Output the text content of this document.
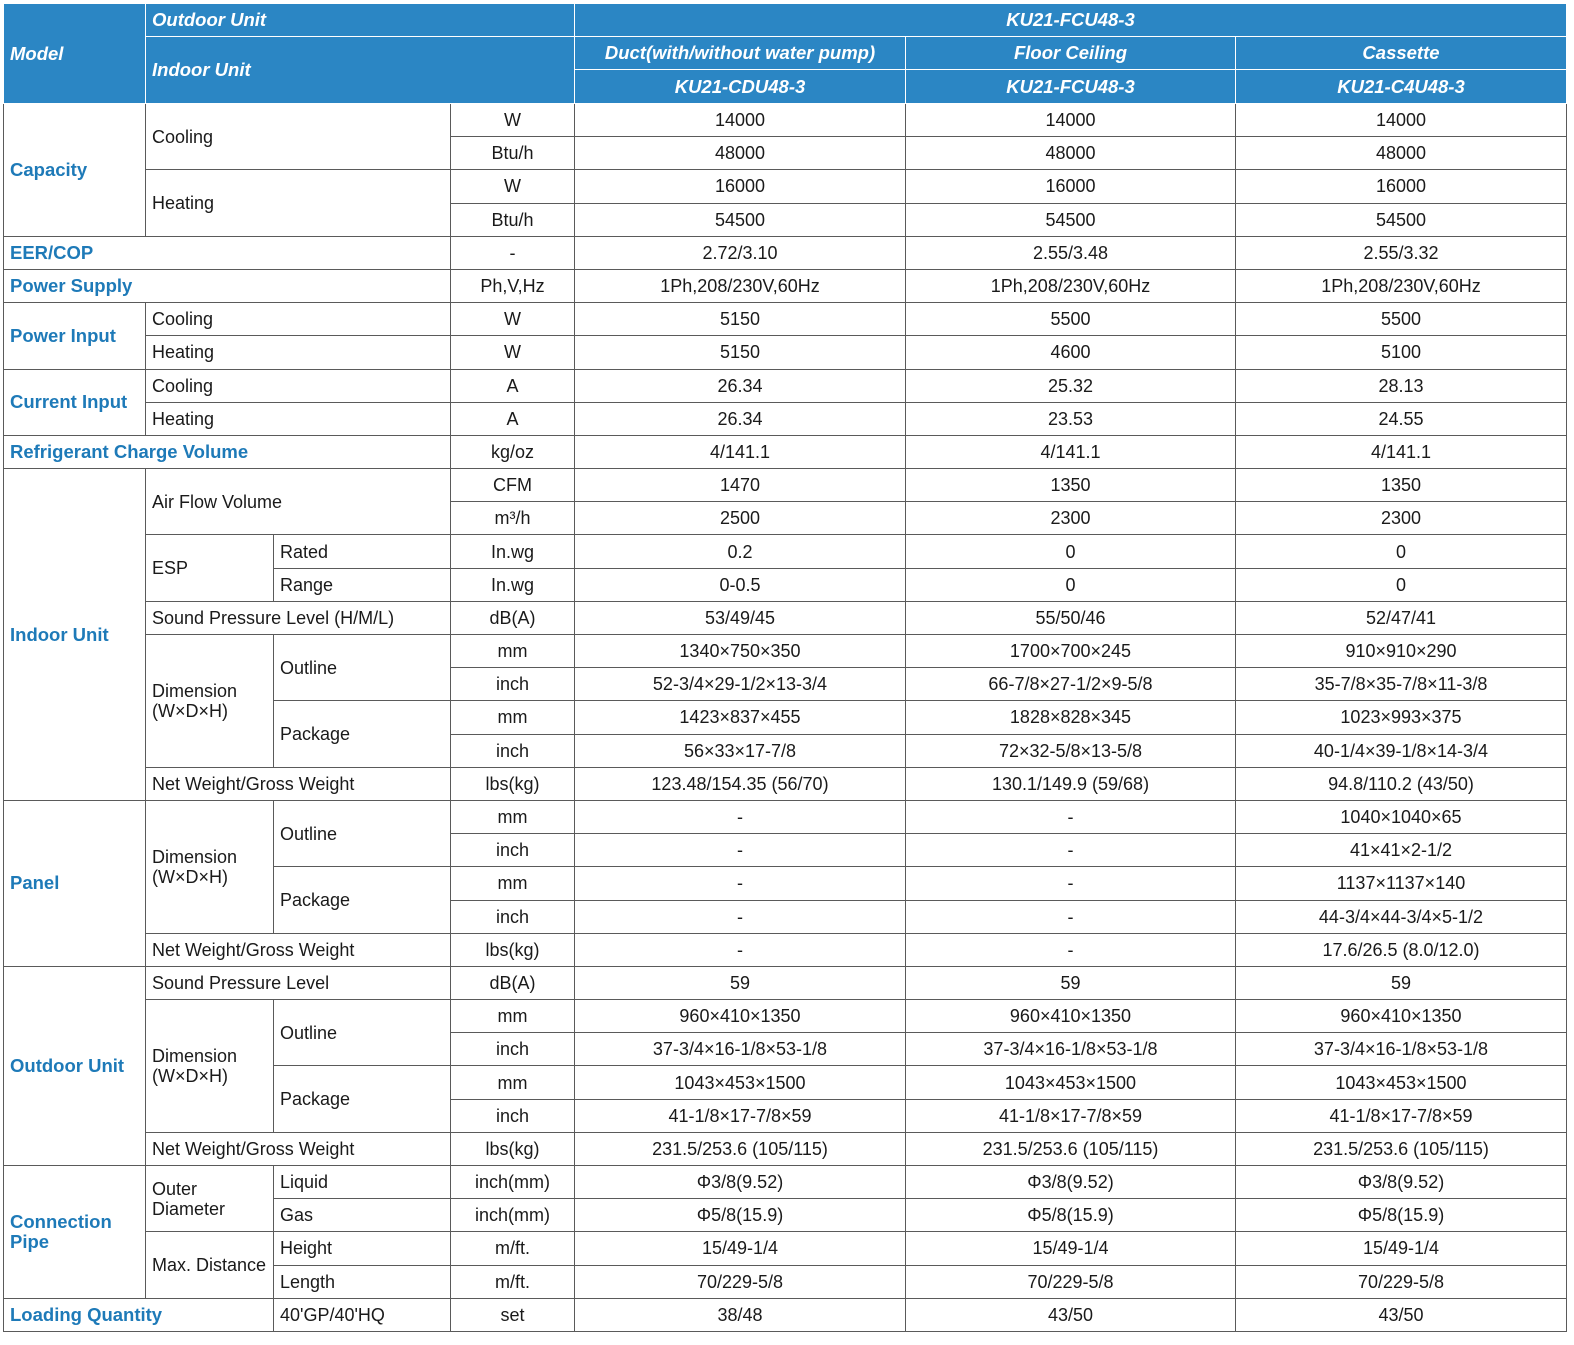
Model	Outdoor Unit			KU21-FCU48-3		
	Indoor Unit			Duct(with/without water pump)	Floor Ceiling	Cassette
				KU21-CDU48-3	KU21-FCU48-3	KU21-C4U48-3
Capacity	Cooling		W	14000	14000	14000
			Btu/h	48000	48000	48000
	Heating		W	16000	16000	16000
			Btu/h	54500	54500	54500
EER/COP			-	2.72/3.10	2.55/3.48	2.55/3.32
Power Supply			Ph,V,Hz	1Ph,208/230V,60Hz	1Ph,208/230V,60Hz	1Ph,208/230V,60Hz
Power Input	Cooling		W	5150	5500	5500
	Heating		W	5150	4600	5100
Current Input	Cooling		A	26.34	25.32	28.13
	Heating		A	26.34	23.53	24.55
Refrigerant Charge Volume			kg/oz	4/141.1	4/141.1	4/141.1
Indoor Unit	Air Flow Volume		CFM	1470	1350	1350
			m³/h	2500	2300	2300
	ESP	Rated	In.wg	0.2	0	0
		Range	In.wg	0-0.5	0	0
	Sound Pressure Level (H/M/L)		dB(A)	53/49/45	55/50/46	52/47/41
	Dimension (W×D×H)	Outline	mm	1340×750×350	1700×700×245	910×910×290
			inch	52-3/4×29-1/2×13-3/4	66-7/8×27-1/2×9-5/8	35-7/8×35-7/8×11-3/8
		Package	mm	1423×837×455	1828×828×345	1023×993×375
			inch	56×33×17-7/8	72×32-5/8×13-5/8	40-1/4×39-1/8×14-3/4
	Net Weight/Gross Weight		lbs(kg)	123.48/154.35 (56/70)	130.1/149.9 (59/68)	94.8/110.2 (43/50)
Panel	Dimension (W×D×H)	Outline	mm	-	-	1040×1040×65
			inch	-	-	41×41×2-1/2
		Package	mm	-	-	1137×1137×140
			inch	-	-	44-3/4×44-3/4×5-1/2
	Net Weight/Gross Weight		lbs(kg)	-	-	17.6/26.5 (8.0/12.0)
Outdoor Unit	Sound Pressure Level		dB(A)	59	59	59
	Dimension (W×D×H)	Outline	mm	960×410×1350	960×410×1350	960×410×1350
			inch	37-3/4×16-1/8×53-1/8	37-3/4×16-1/8×53-1/8	37-3/4×16-1/8×53-1/8
		Package	mm	1043×453×1500	1043×453×1500	1043×453×1500
			inch	41-1/8×17-7/8×59	41-1/8×17-7/8×59	41-1/8×17-7/8×59
	Net Weight/Gross Weight		lbs(kg)	231.5/253.6 (105/115)	231.5/253.6 (105/115)	231.5/253.6 (105/115)
Connection Pipe	Outer Diameter	Liquid	inch(mm)	Φ3/8(9.52)	Φ3/8(9.52)	Φ3/8(9.52)
		Gas	inch(mm)	Φ5/8(15.9)	Φ5/8(15.9)	Φ5/8(15.9)
	Max. Distance	Height	m/ft.	15/49-1/4	15/49-1/4	15/49-1/4
		Length	m/ft.	70/229-5/8	70/229-5/8	70/229-5/8
Loading Quantity		40'GP/40'HQ	set	38/48	43/50	43/50
